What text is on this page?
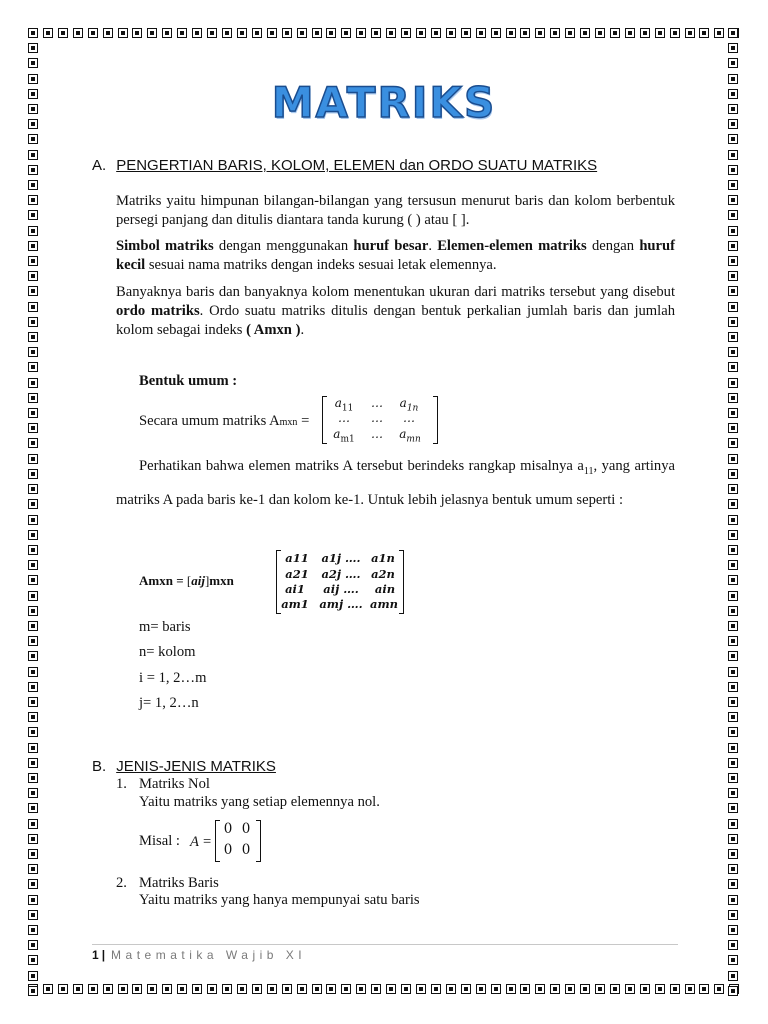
MATRIKS
A. PENGERTIAN BARIS, KOLOM, ELEMEN dan ORDO SUATU MATRIKS
Matriks yaitu himpunan bilangan-bilangan yang tersusun menurut baris dan kolom berbentuk persegi panjang dan ditulis diantara tanda kurung ( ) atau [ ].
Simbol matriks dengan menggunakan huruf besar. Elemen-elemen matriks dengan huruf kecil sesuai nama matriks dengan indeks sesuai letak elemennya.
Banyaknya baris dan banyaknya kolom menentukan ukuran dari matriks tersebut yang disebut ordo matriks. Ordo suatu matriks ditulis dengan bentuk perkalian jumlah baris dan jumlah kolom sebagai indeks ( Amxn ).
Bentuk umum :
Secara umum matriks Amxn =
$a_{11}$ …	$a_{1n}$
…	…	…
$a_{m1}$ …	$a_{mn}$
Perhatikan bahwa elemen matriks A tersebut berindeks rangkap misalnya $a_{11}$, yang artinya matriks A pada baris ke-1 dan kolom ke-1. Untuk lebih jelasnya bentuk umum seperti :
Amxn = [aij]mxn
a11 a1j …. a1n
a21 a2j …. a2n
ai1	aij ….	ain
am1 amj …. amn
m= baris
n= kolom
i = 1, 2…m
j= 1, 2…n
B. JENIS-JENIS MATRIKS
1. Matriks Nol
Yaitu matriks yang setiap elemennya nol.
Misal : A =
0 0
0 0
2. Matriks Baris
Yaitu matriks yang hanya mempunyai satu baris
1 | Matematika Wajib XI
